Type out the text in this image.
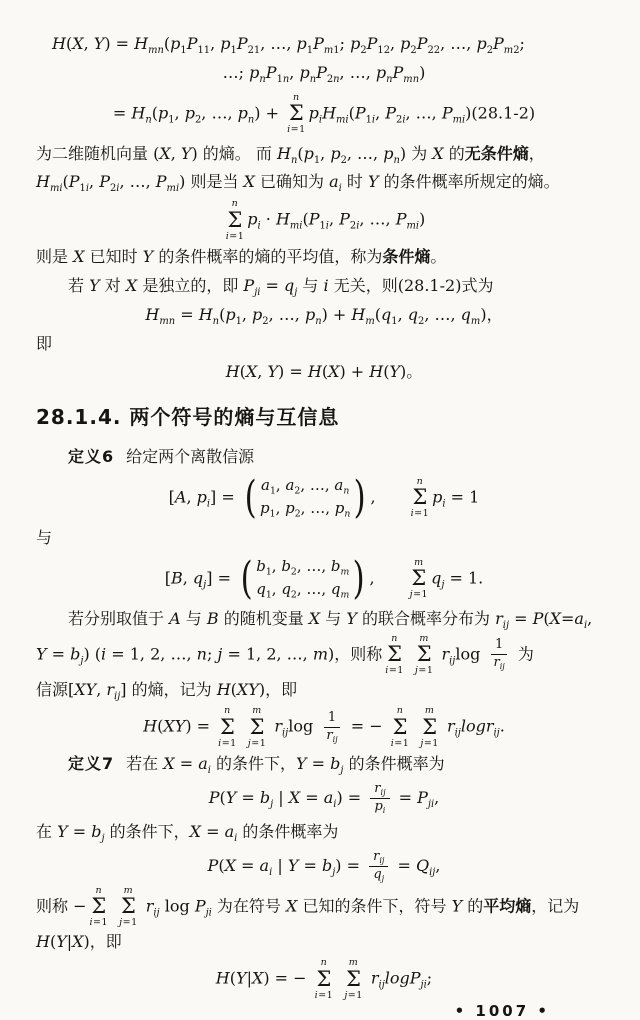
H(X, $Y) = H_{mn}(p_1P_{11}$, $p_1P_{21}$, …, $p_1P_{m1}$; $p_2P_{12}$, $p_2P_{22}$, …, $p_2P_{m2}$;
…; $p_nP_{1n}$, $p_nP_{2n}$, …, $p_nP_{mn}$)
= $H_n(p_1$, $p_2$, …, $p_n$) +
n
Σ
i=1
$p_iH_{mi}(P_{1i}$, $P_{2i}$, …, $P_{mi})(28.1-2)$
为二维随机向量 (X, Y) 的熵。 而 $H_n(p_1$, $p_2$, …, $p_n$) 为 X 的无条件熵，
$H_{mi}(P_{1i}$, $P_{2i}$, …, $P_{mi}$) 则是当 X 已确知为 $a_i$ 时 Y 的条件概率所规定的熵。
n
Σ
i=1
$p_i \cdot H_{mi}(P_{1i}$, $P_{2i}$, …, $P_{mi}$)
则是 X 已知时 Y 的条件概率的熵的平均值，称为条件熵。
若 Y 对 X 是独立的，即 $P_{ji} = q_j$ 与 i 无关，则(28.1-2)式为
$H_{mn} = H_n(p_1$, $p_2$, …, $p_n) + H_m(q_1$, $q_2$, …, $q_m$)，
即
H(X, Y) = H(X) + H(Y)。
28.1.4. 两个符号的熵与互信息
定义6 给定两个离散信源
[A, $p_i$] = ( $a_1$, $a_2$, …, $a_n$
$p_1$, $p_2$, …, $p_n$ ) ,　　
n
Σ
i=1
$p_i = 1$
与
[B, $q_j$] = ( $b_1$, $b_2$, …, $b_m$
$q_1$, $q_2$, …, $q_m$ ) ,　　
m
Σ
j=1
$q_j = 1$.
若分别取值于 A 与 B 的随机变量 X 与 Y 的联合概率分布为 $r_{ij} = P(X=a_i$,
$Y = b_j$) (i = 1, 2, …, n; j = 1, 2, …, m)，则称
n
Σ
i=1

m
Σ
j=1
$r_{ij}\log \frac{1}{r_{ij}}$ 为
信源[XY, $r_{ij}$] 的熵，记为 H(XY)，即
H(XY) =
n
Σ
i=1

m
Σ
j=1
$r_{ij}\log \frac{1}{r_{ij}}$ = −
n
Σ
i=1

m
Σ
j=1
$r_{ij}\log r_{ij}$.
定义7 若在 $X = a_i$ 的条件下，$Y = b_j$ 的条件概率为
$P(Y = b_j$ | $X = a_i) = \frac{r_{ij}}{p_i} = P_{ji}$,
在 $Y = b_j$ 的条件下，$X = a_i$ 的条件概率为
$P(X = a_i$ | $Y = b_j) = \frac{r_{ij}}{q_j} = Q_{ij}$,
则称 −
n
Σ
i=1

m
Σ
j=1
$r_{ij}$ $\log P_{ji}$ 为在符号 X 已知的条件下，符号 Y 的平均熵，记为
H(Y|X)，即
H(Y|X) = −
n
Σ
i=1

m
Σ
j=1
$r_{ij}\log P_{ji}$;
• 1007 •
